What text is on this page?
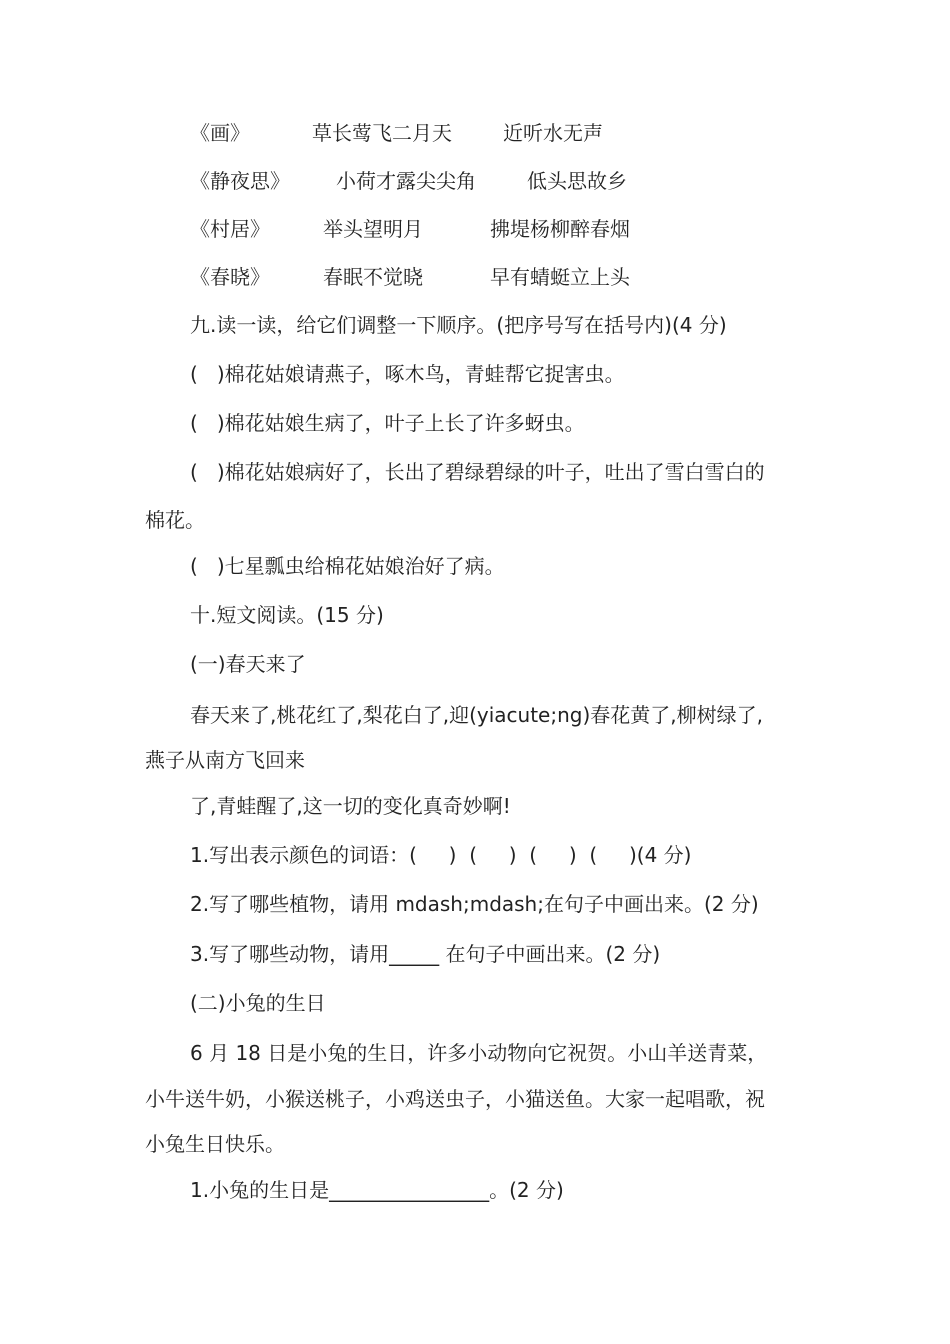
《画》	草长莺飞二月天	近听水无声
《静夜思》 小荷才露尖尖角	低头思故乡
《村居》	举头望明月	拂堤杨柳醉春烟
《春晓》	春眠不觉晓	早有蜻蜓立上头

九.读一读，给它们调整一下顺序。(把序号写在括号内)(4 分)

(   )棉花姑娘请燕子，啄木鸟，青蛙帮它捉害虫。

(   )棉花姑娘生病了，叶子上长了许多蚜虫。

(   )棉花姑娘病好了，长出了碧绿碧绿的叶子，吐出了雪白雪白的

棉花。

(   )七星瓢虫给棉花姑娘治好了病。

十.短文阅读。(15 分)

(一)春天来了

春天来了,桃花红了,梨花白了,迎(yiacute;ng)春花黄了,柳树绿了,

燕子从南方飞回来

了,青蛙醒了,这一切的变化真奇妙啊!

1.写出表示颜色的词语：(     )  (     )  (     )  (     )(4 分)

2.写了哪些植物，请用 mdash;mdash;在句子中画出来。(2 分)

3.写了哪些动物，请用_____ 在句子中画出来。(2 分)

(二)小兔的生日

6 月 18 日是小兔的生日，许多小动物向它祝贺。小山羊送青菜，

小牛送牛奶，小猴送桃子，小鸡送虫子，小猫送鱼。大家一起唱歌，祝

小兔生日快乐。

1.小兔的生日是________________。(2 分)
